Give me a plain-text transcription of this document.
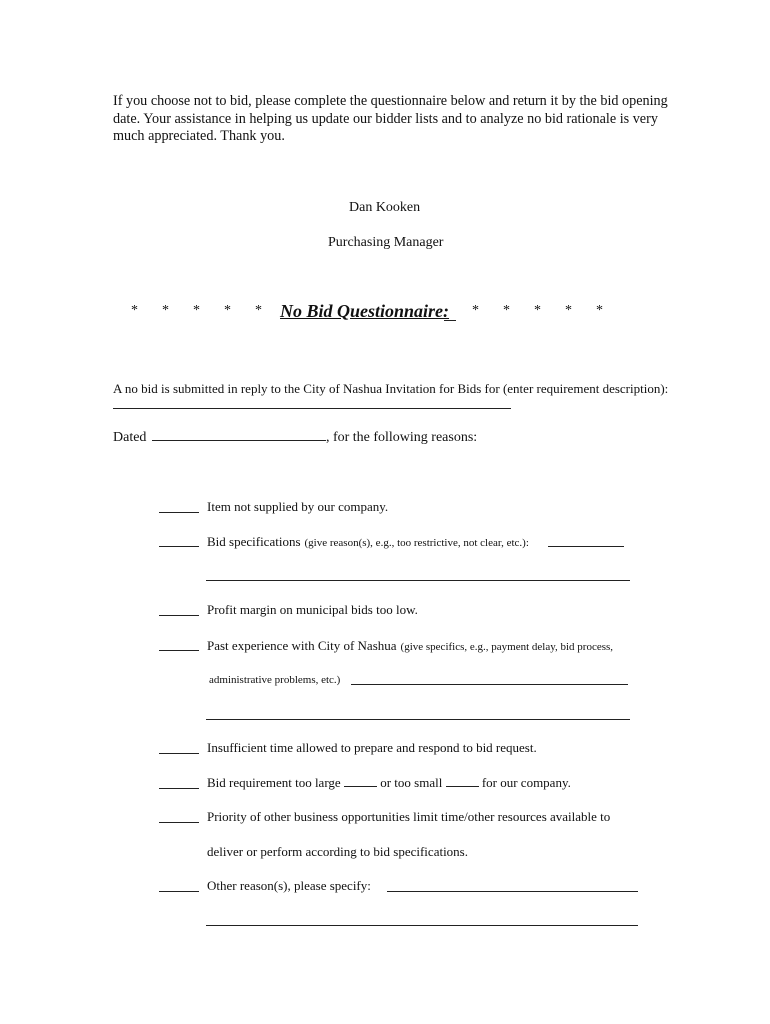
If you choose not to bid, please complete the questionnaire below and return it by the bid opening date. Your assistance in helping us update our bidder lists and to analyze no bid rationale is very much appreciated. Thank you.
Dan Kooken
Purchasing Manager
* * * * *	No Bid Questionnaire: * * * * *
A no bid is submitted in reply to the City of Nashua Invitation for Bids for (enter requirement description):
Dated	, for the following reasons:
Item not supplied by our company.
Bid specifications (give reason(s), e.g., too restrictive, not clear, etc.):
Profit margin on municipal bids too low.
Past experience with City of Nashua (give specifics, e.g., payment delay, bid process,
administrative problems, etc.)
Insufficient time allowed to prepare and respond to bid request.
Bid requirement too large	or too small	for our company.
Priority of other business opportunities limit time/other resources available to
deliver or perform according to bid specifications.
Other reason(s), please specify:
